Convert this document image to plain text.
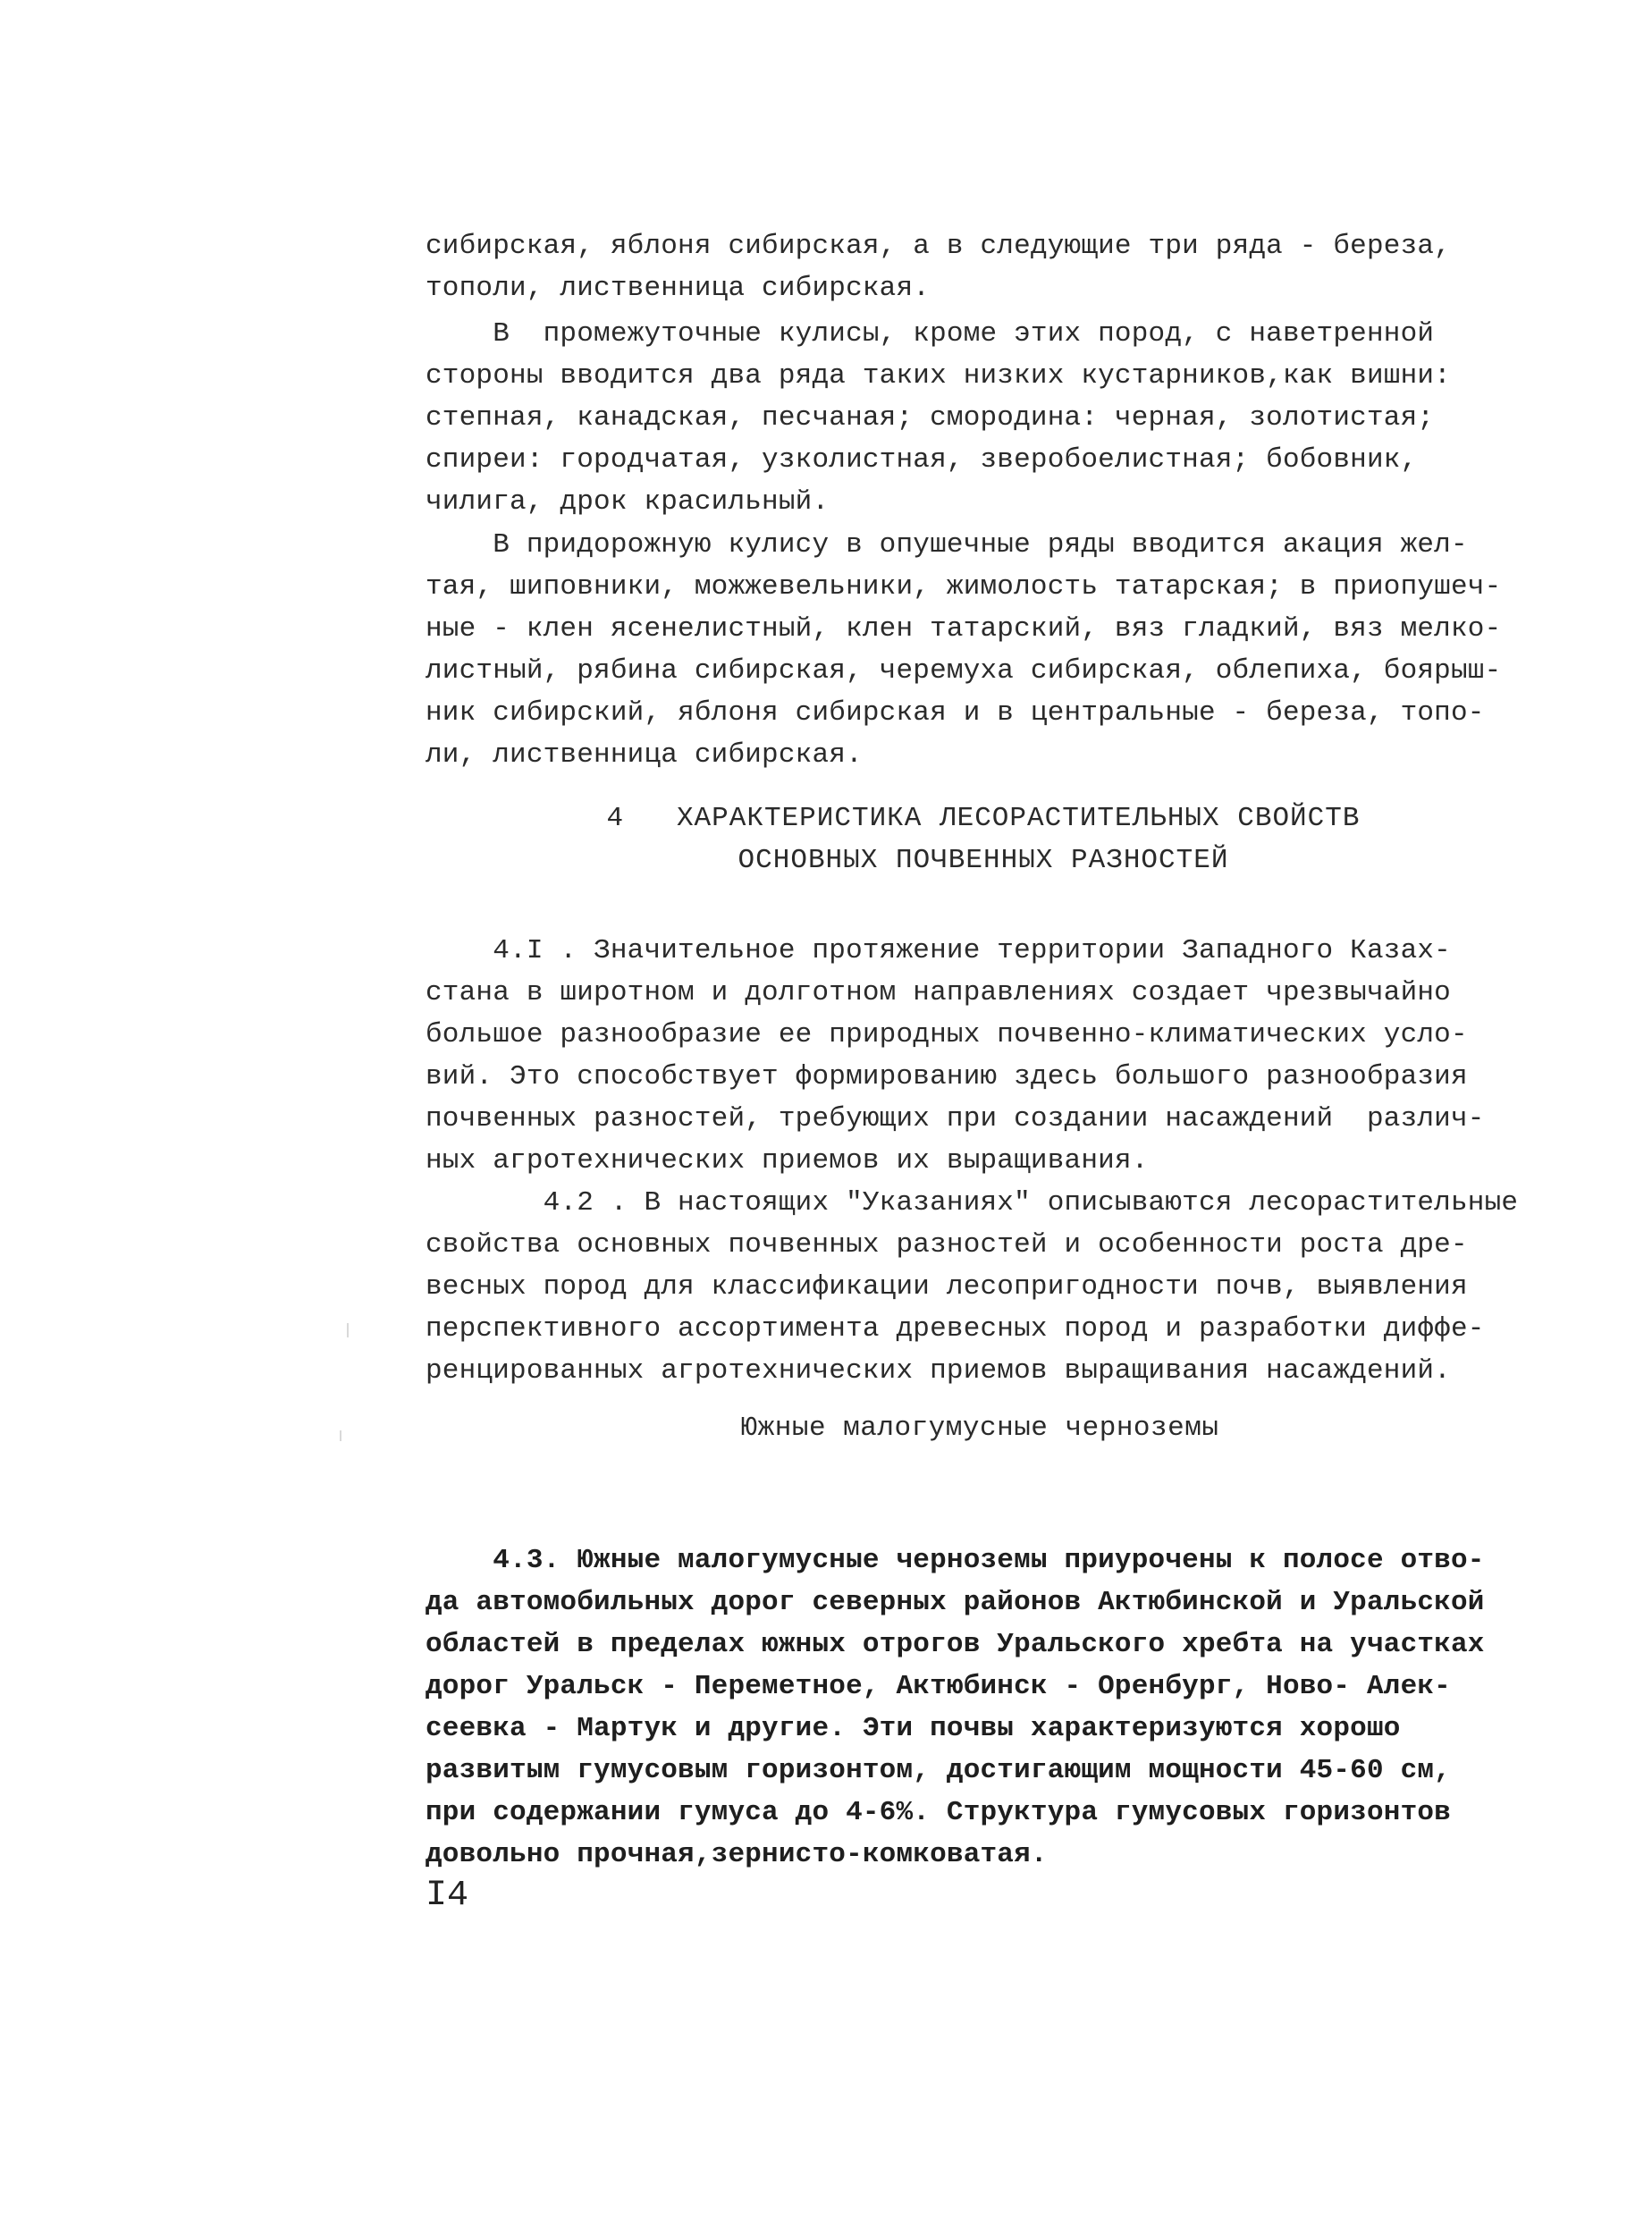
сибирская, яблоня сибирская, а в следующие три ряда - береза,
тополи, лиственница сибирская.
В  промежуточные кулисы, кроме этих пород, с наветренной
стороны вводится два ряда таких низких кустарников,как вишни:
степная, канадская, песчаная; смородина: черная, золотистая;
спиреи: городчатая, узколистная, зверобоелистная; бобовник,
чилига, дрок красильный.
В придорожную кулису в опушечные ряды вводится акация жел-
тая, шиповники, можжевельники, жимолость татарская; в приопушеч-
ные - клен ясенелистный, клен татарский, вяз гладкий, вяз мелко-
листный, рябина сибирская, черемуха сибирская, облепиха, боярыш-
ник сибирский, яблоня сибирская и в центральные - береза, топо-
ли, лиственница сибирская.
4   ХАРАКТЕРИСТИКА ЛЕСОРАСТИТЕЛЬНЫХ СВОЙСТВ
ОСНОВНЫХ ПОЧВЕННЫХ РАЗНОСТЕЙ
4.I . Значительное протяжение территории Западного Казах-
стана в широтном и долготном направлениях создает чрезвычайно
большое разнообразие ее природных почвенно-климатических усло-
вий. Это способствует формированию здесь большого разнообразия
почвенных разностей, требующих при создании насаждений  различ-
ных агротехнических приемов их выращивания.
4.2 . В настоящих "Указаниях" описываются лесорастительные
свойства основных почвенных разностей и особенности роста дре-
весных пород для классификации лесопригодности почв, выявления
перспективного ассортимента древесных пород и разработки диффе-
ренцированных агротехнических приемов выращивания насаждений.
Южные малогумусные черноземы
4.3. Южные малогумусные черноземы приурочены к полосе отво-
да автомобильных дорог северных районов Актюбинской и Уральской
областей в пределах южных отрогов Уральского хребта на участках
дорог Уральск - Переметное, Актюбинск - Оренбург, Ново- Алек-
сеевка - Мартук и другие. Эти почвы характеризуются хорошо
развитым гумусовым горизонтом, достигающим мощности 45-60 см,
при содержании гумуса до 4-6%. Структура гумусовых горизонтов
довольно прочная,зернисто-комковатая.
I4
